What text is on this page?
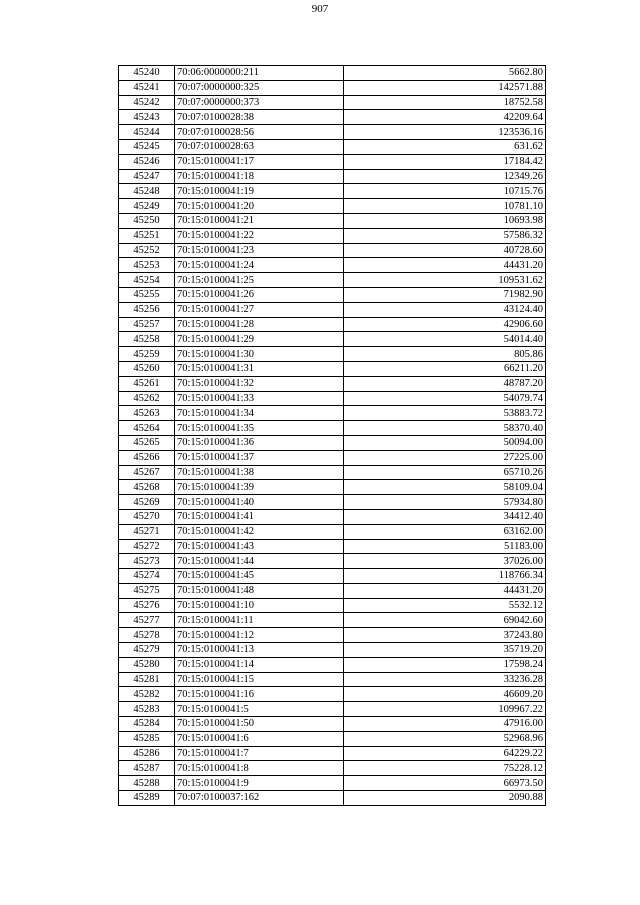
907
45240	70:06:0000000:211	5662.80
45241	70:07:0000000:325	142571.88
45242	70:07:0000000:373	18752.58
45243	70:07:0100028:38	42209.64
45244	70:07:0100028:56	123536.16
45245	70:07:0100028:63	631.62
45246	70:15:0100041:17	17184.42
45247	70:15:0100041:18	12349.26
45248	70:15:0100041:19	10715.76
45249	70:15:0100041:20	10781.10
45250	70:15:0100041:21	10693.98
45251	70:15:0100041:22	57586.32
45252	70:15:0100041:23	40728.60
45253	70:15:0100041:24	44431.20
45254	70:15:0100041:25	109531.62
45255	70:15:0100041:26	71982.90
45256	70:15:0100041:27	43124.40
45257	70:15:0100041:28	42906.60
45258	70:15:0100041:29	54014.40
45259	70:15:0100041:30	805.86
45260	70:15:0100041:31	66211.20
45261	70:15:0100041:32	48787.20
45262	70:15:0100041:33	54079.74
45263	70:15:0100041:34	53883.72
45264	70:15:0100041:35	58370.40
45265	70:15:0100041:36	50094.00
45266	70:15:0100041:37	27225.00
45267	70:15:0100041:38	65710.26
45268	70:15:0100041:39	58109.04
45269	70:15:0100041:40	57934.80
45270	70:15:0100041:41	34412.40
45271	70:15:0100041:42	63162.00
45272	70:15:0100041:43	51183.00
45273	70:15:0100041:44	37026.00
45274	70:15:0100041:45	118766.34
45275	70:15:0100041:48	44431.20
45276	70:15:0100041:10	5532.12
45277	70:15:0100041:11	69042.60
45278	70:15:0100041:12	37243.80
45279	70:15:0100041:13	35719.20
45280	70:15:0100041:14	17598.24
45281	70:15:0100041:15	33236.28
45282	70:15:0100041:16	46609.20
45283	70:15:0100041:5	109967.22
45284	70:15:0100041:50	47916.00
45285	70:15:0100041:6	52968.96
45286	70:15:0100041:7	64229.22
45287	70:15:0100041:8	75228.12
45288	70:15:0100041:9	66973.50
45289	70:07:0100037:162	2090.88
